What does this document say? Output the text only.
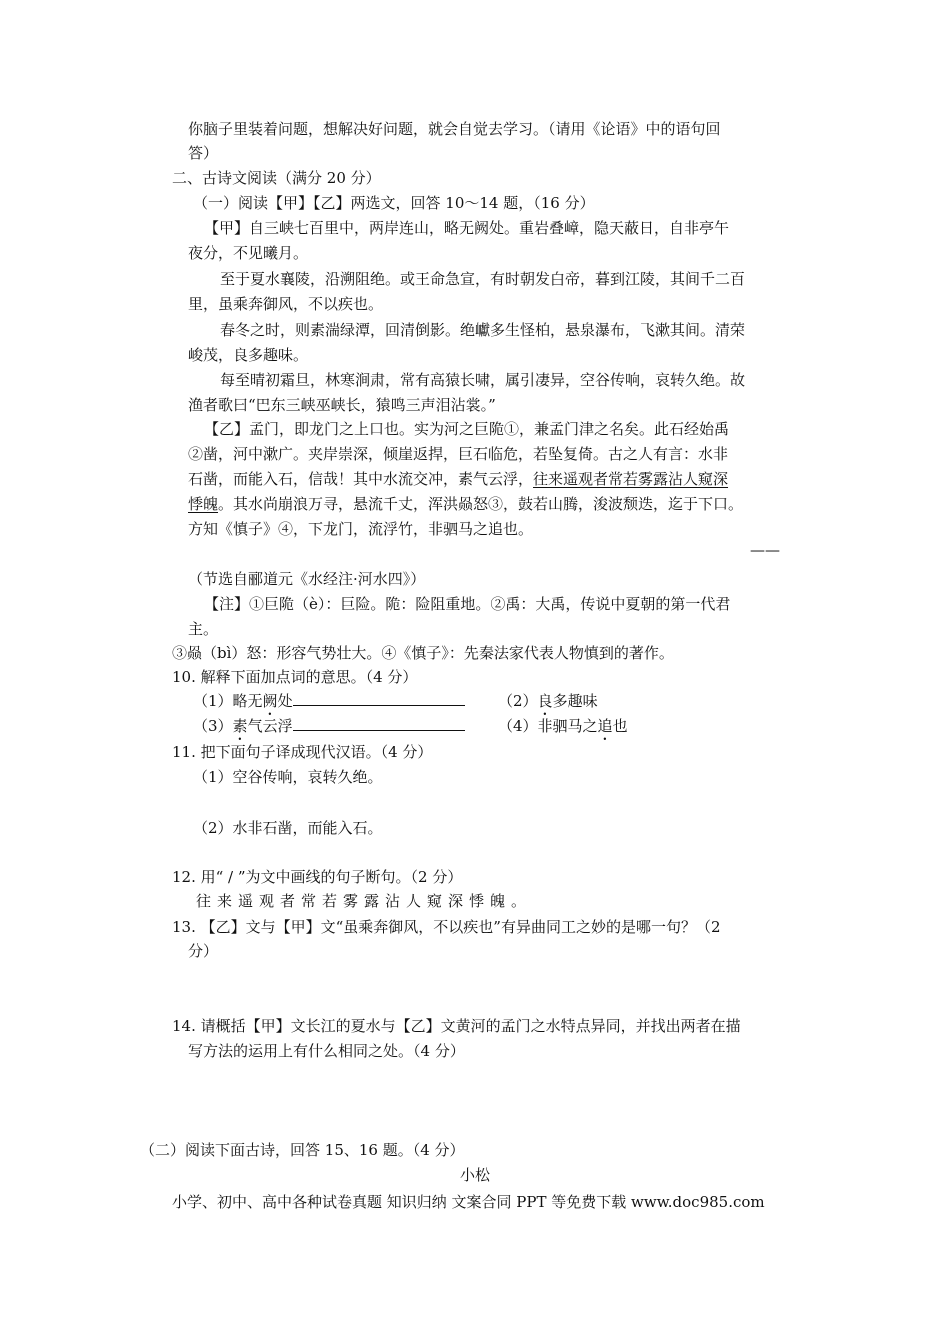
你脑子里装着问题，想解决好问题，就会自觉去学习。（请用《论语》中的语句回
答）
二、古诗文阅读（满分 20 分）
（一）阅读【甲】【乙】两选文，回答 10～14 题，（16 分）
【甲】自三峡七百里中，两岸连山，略无阙处。重岩叠嶂，隐天蔽日，自非亭午
夜分，不见曦月。
至于夏水襄陵，沿溯阻绝。或王命急宣，有时朝发白帝，暮到江陵，其间千二百
里，虽乘奔御风，不以疾也。
春冬之时，则素湍绿潭，回清倒影。绝巘多生怪柏，悬泉瀑布，飞漱其间。清荣
峻茂，良多趣味。
每至晴初霜旦，林寒涧肃，常有高猿长啸，属引凄异，空谷传响，哀转久绝。故
渔者歌曰“巴东三峡巫峡长，猿鸣三声泪沾裳。”
【乙】孟门，即龙门之上口也。实为河之巨陒①，兼孟门津之名矣。此石经始禹
②凿，河中漱广。夹岸崇深，倾崖返捍，巨石临危，若坠复倚。古之人有言：水非
石凿，而能入石，信哉！其中水流交冲，素气云浮，往来遥观者常若雾露沾人窥深
悸魄。其水尚崩浪万寻，悬流千丈，浑洪赑怒③，鼓若山腾，浚波颓迭，迄于下口。
方知《慎子》④，下龙门，流浮竹，非驷马之追也。
——
（节选自郦道元《水经注·河水四》）
【注】①巨陒（è）：巨险。陒：险阻重地。②禹：大禹，传说中夏朝的第一代君
主。
③赑（bì）怒：形容气势壮大。④《慎子》：先秦法家代表人物慎到的著作。
10. 解释下面加点词的意思。（4 分）
（1）略无阙处	（2）良多趣味
（3）素气云浮	（4）非驷马之追也
11. 把下面句子译成现代汉语。（4 分）
（1）空谷传响，哀转久绝。
（2）水非石凿，而能入石。
12. 用“ / ”为文中画线的句子断句。（2 分）
往来遥观者常若雾露沾人窥深悸魄。
13. 【乙】文与【甲】文“虽乘奔御风，不以疾也”有异曲同工之妙的是哪一句？（2
分）
14. 请概括【甲】文长江的夏水与【乙】文黄河的孟门之水特点异同，并找出两者在描
写方法的运用上有什么相同之处。（4 分）
（二）阅读下面古诗，回答 15、16 题。（4 分）
小松
小学、初中、高中各种试卷真题 知识归纳 文案合同 PPT 等免费下载 www.doc985.com
